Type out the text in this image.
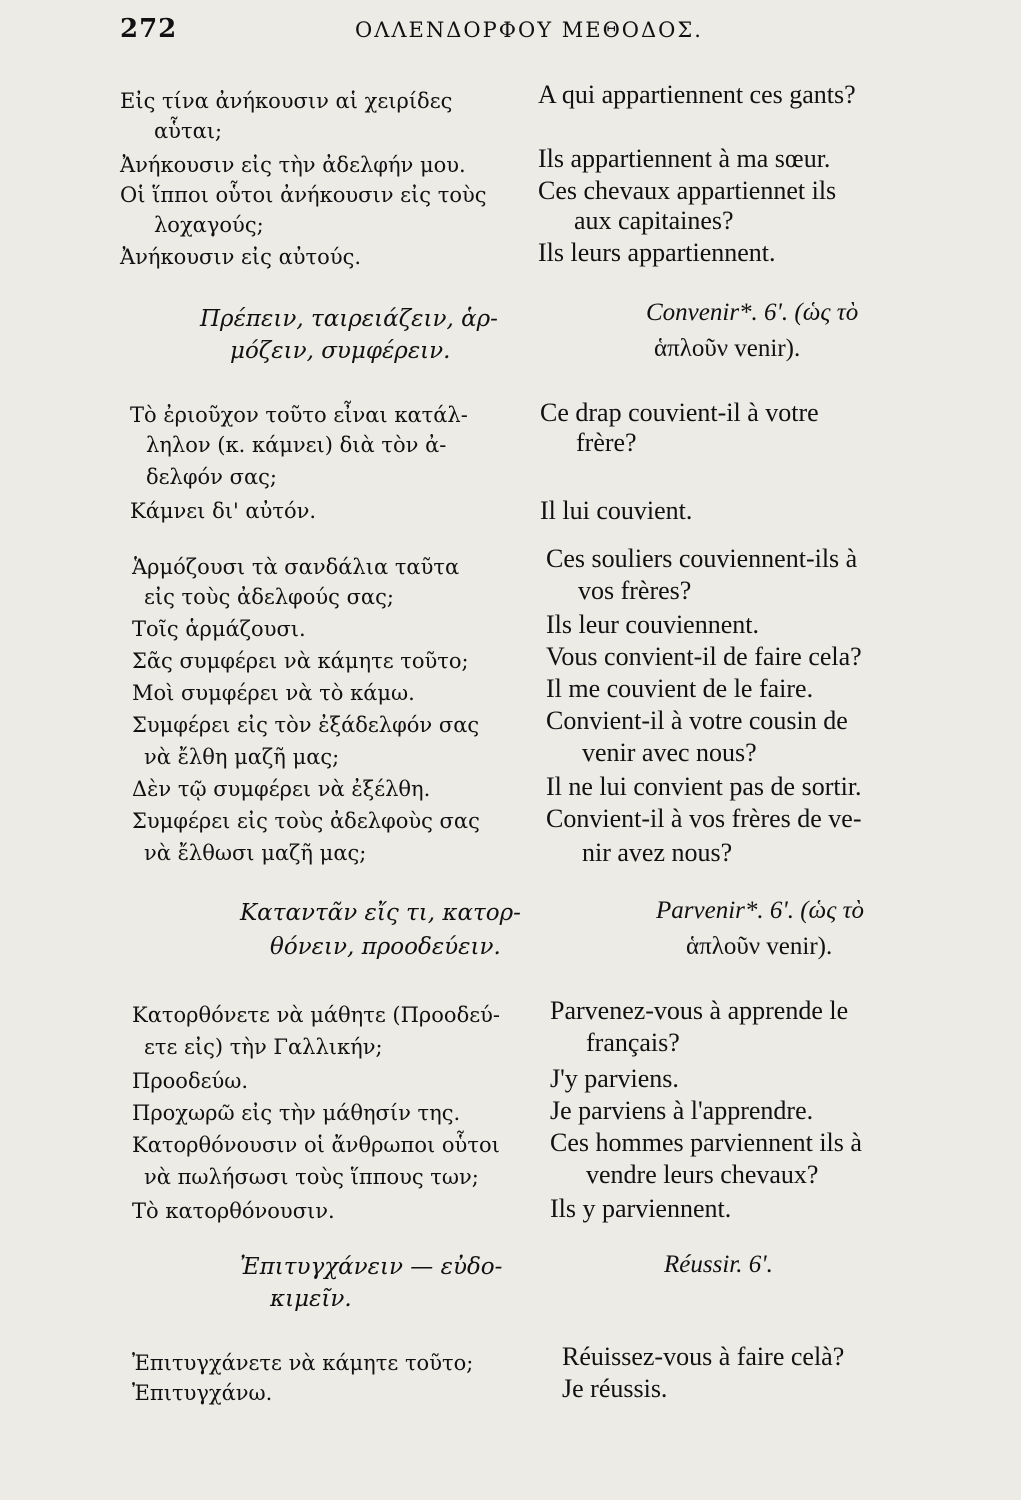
272	ΟΛΛΕΝΔΟΡΦΟΥ ΜΕΘΟΔΟΣ.
Εἰς τίνα ἀνήκουσιν αἱ χειρίδες
αὗται;
Ἀνήκουσιν εἰς τὴν ἀδελφήν μου.
Οἱ ἵπποι οὗτοι ἀνήκουσιν εἰς τοὺς
λοχαγούς;
Ἀνήκουσιν εἰς αὐτούς.
Πρέπειν, ταιρειάζειν, ἁρ-
μόζειν, συμφέρειν.
Τὸ ἐριοῦχον τοῦτο εἶναι κατάλ-
ληλον (κ. κάμνει) διὰ τὸν ἀ-
δελφόν σας;
Κάμνει δι' αὐτόν.
Ἁρμόζουσι τὰ σανδάλια ταῦτα
εἰς τοὺς ἀδελφούς σας;
Τοῖς ἁρμάζουσι.
Σᾶς συμφέρει νὰ κάμητε τοῦτο;
Μοὶ συμφέρει νὰ τὸ κάμω.
Συμφέρει εἰς τὸν ἐξάδελφόν σας
νὰ ἔλθη μαζῆ μας;
Δὲν τῷ συμφέρει νὰ ἐξέλθη.
Συμφέρει εἰς τοὺς ἀδελφοὺς σας
νὰ ἔλθωσι μαζῆ μας;
Καταντᾶν εἴς τι, κατορ-
θόνειν, προοδεύειν.
Κατορθόνετε νὰ μάθητε (Προοδεύ-
ετε εἰς) τὴν Γαλλικήν;
Προοδεύω.
Προχωρῶ εἰς τὴν μάθησίν της.
Κατορθόνουσιν οἱ ἄνθρωποι οὗτοι
νὰ πωλήσωσι τοὺς ἵππους των;
Τὸ κατορθόνουσιν.
Ἐπιτυγχάνειν — εὐδο-
κιμεῖν.
Ἐπιτυγχάνετε νὰ κάμητε τοῦτο;
Ἐπιτυγχάνω.
A qui appartiennent ces gants?
Ils appartiennent à ma sœur.
Ces chevaux appartiennet ils
aux capitaines?
Ils leurs appartiennent.
Convenir*. 6'. (ὡς τὸ
ἁπλοῦν venir).
Ce drap couvient-il à votre
frère?
Il lui couvient.
Ces souliers couviennent-ils à
vos frères?
Ils leur couviennent.
Vous convient-il de faire cela?
Il me couvient de le faire.
Convient-il à votre cousin de
venir avec nous?
Il ne lui convient pas de sortir.
Convient-il à vos frères de ve-
nir avez nous?
Parvenir*. 6'. (ὡς τὸ
ἁπλοῦν venir).
Parvenez-vous à apprende le
français?
J'y parviens.
Je parviens à l'apprendre.
Ces hommes parviennent ils à
vendre leurs chevaux?
Ils y parviennent.
Réussir. 6'.
Réuissez-vous à faire celà?
Je réussis.
